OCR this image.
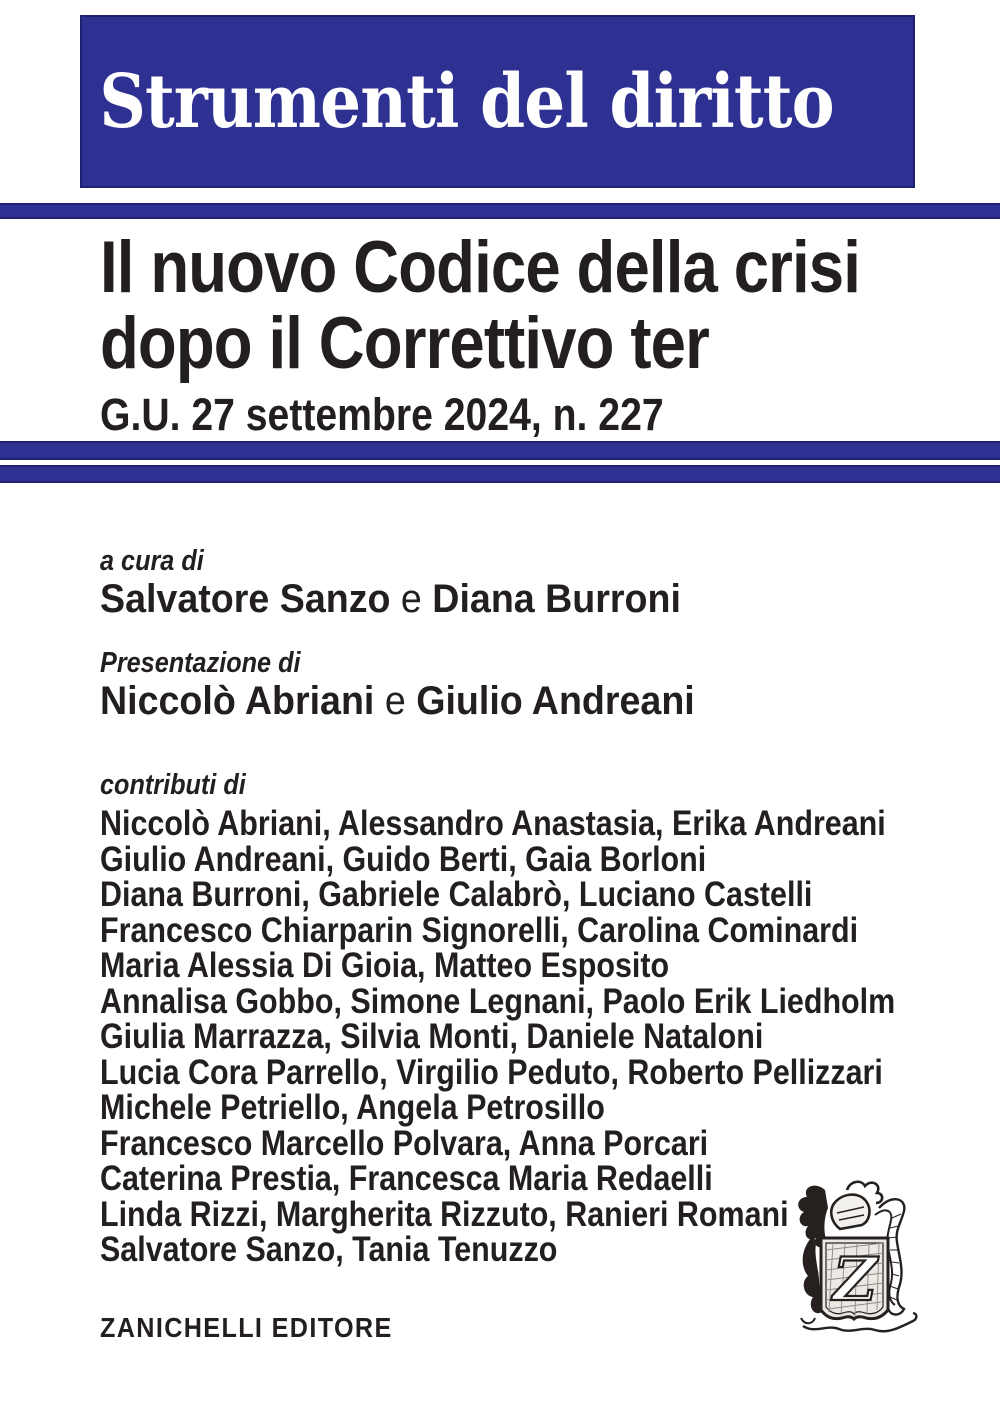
Strumenti del diritto
Il nuovo Codice della crisi
dopo il Correttivo ter
G.U. 27 settembre 2024, n. 227
a cura di
Salvatore Sanzo e Diana Burroni
Presentazione di
Niccolò Abriani e Giulio Andreani
contributi di
Niccolò Abriani, Alessandro Anastasia, Erika Andreani
Giulio Andreani, Guido Berti, Gaia Borloni
Diana Burroni, Gabriele Calabrò, Luciano Castelli
Francesco Chiarparin Signorelli, Carolina Cominardi
Maria Alessia Di Gioia, Matteo Esposito
Annalisa Gobbo, Simone Legnani, Paolo Erik Liedholm
Giulia Marrazza, Silvia Monti, Daniele Nataloni
Lucia Cora Parrello, Virgilio Peduto, Roberto Pellizzari
Michele Petriello, Angela Petrosillo
Francesco Marcello Polvara, Anna Porcari
Caterina Prestia, Francesca Maria Redaelli
Linda Rizzi, Margherita Rizzuto, Ranieri Romani
Salvatore Sanzo, Tania Tenuzzo
ZANICHELLI EDITORE
Z
